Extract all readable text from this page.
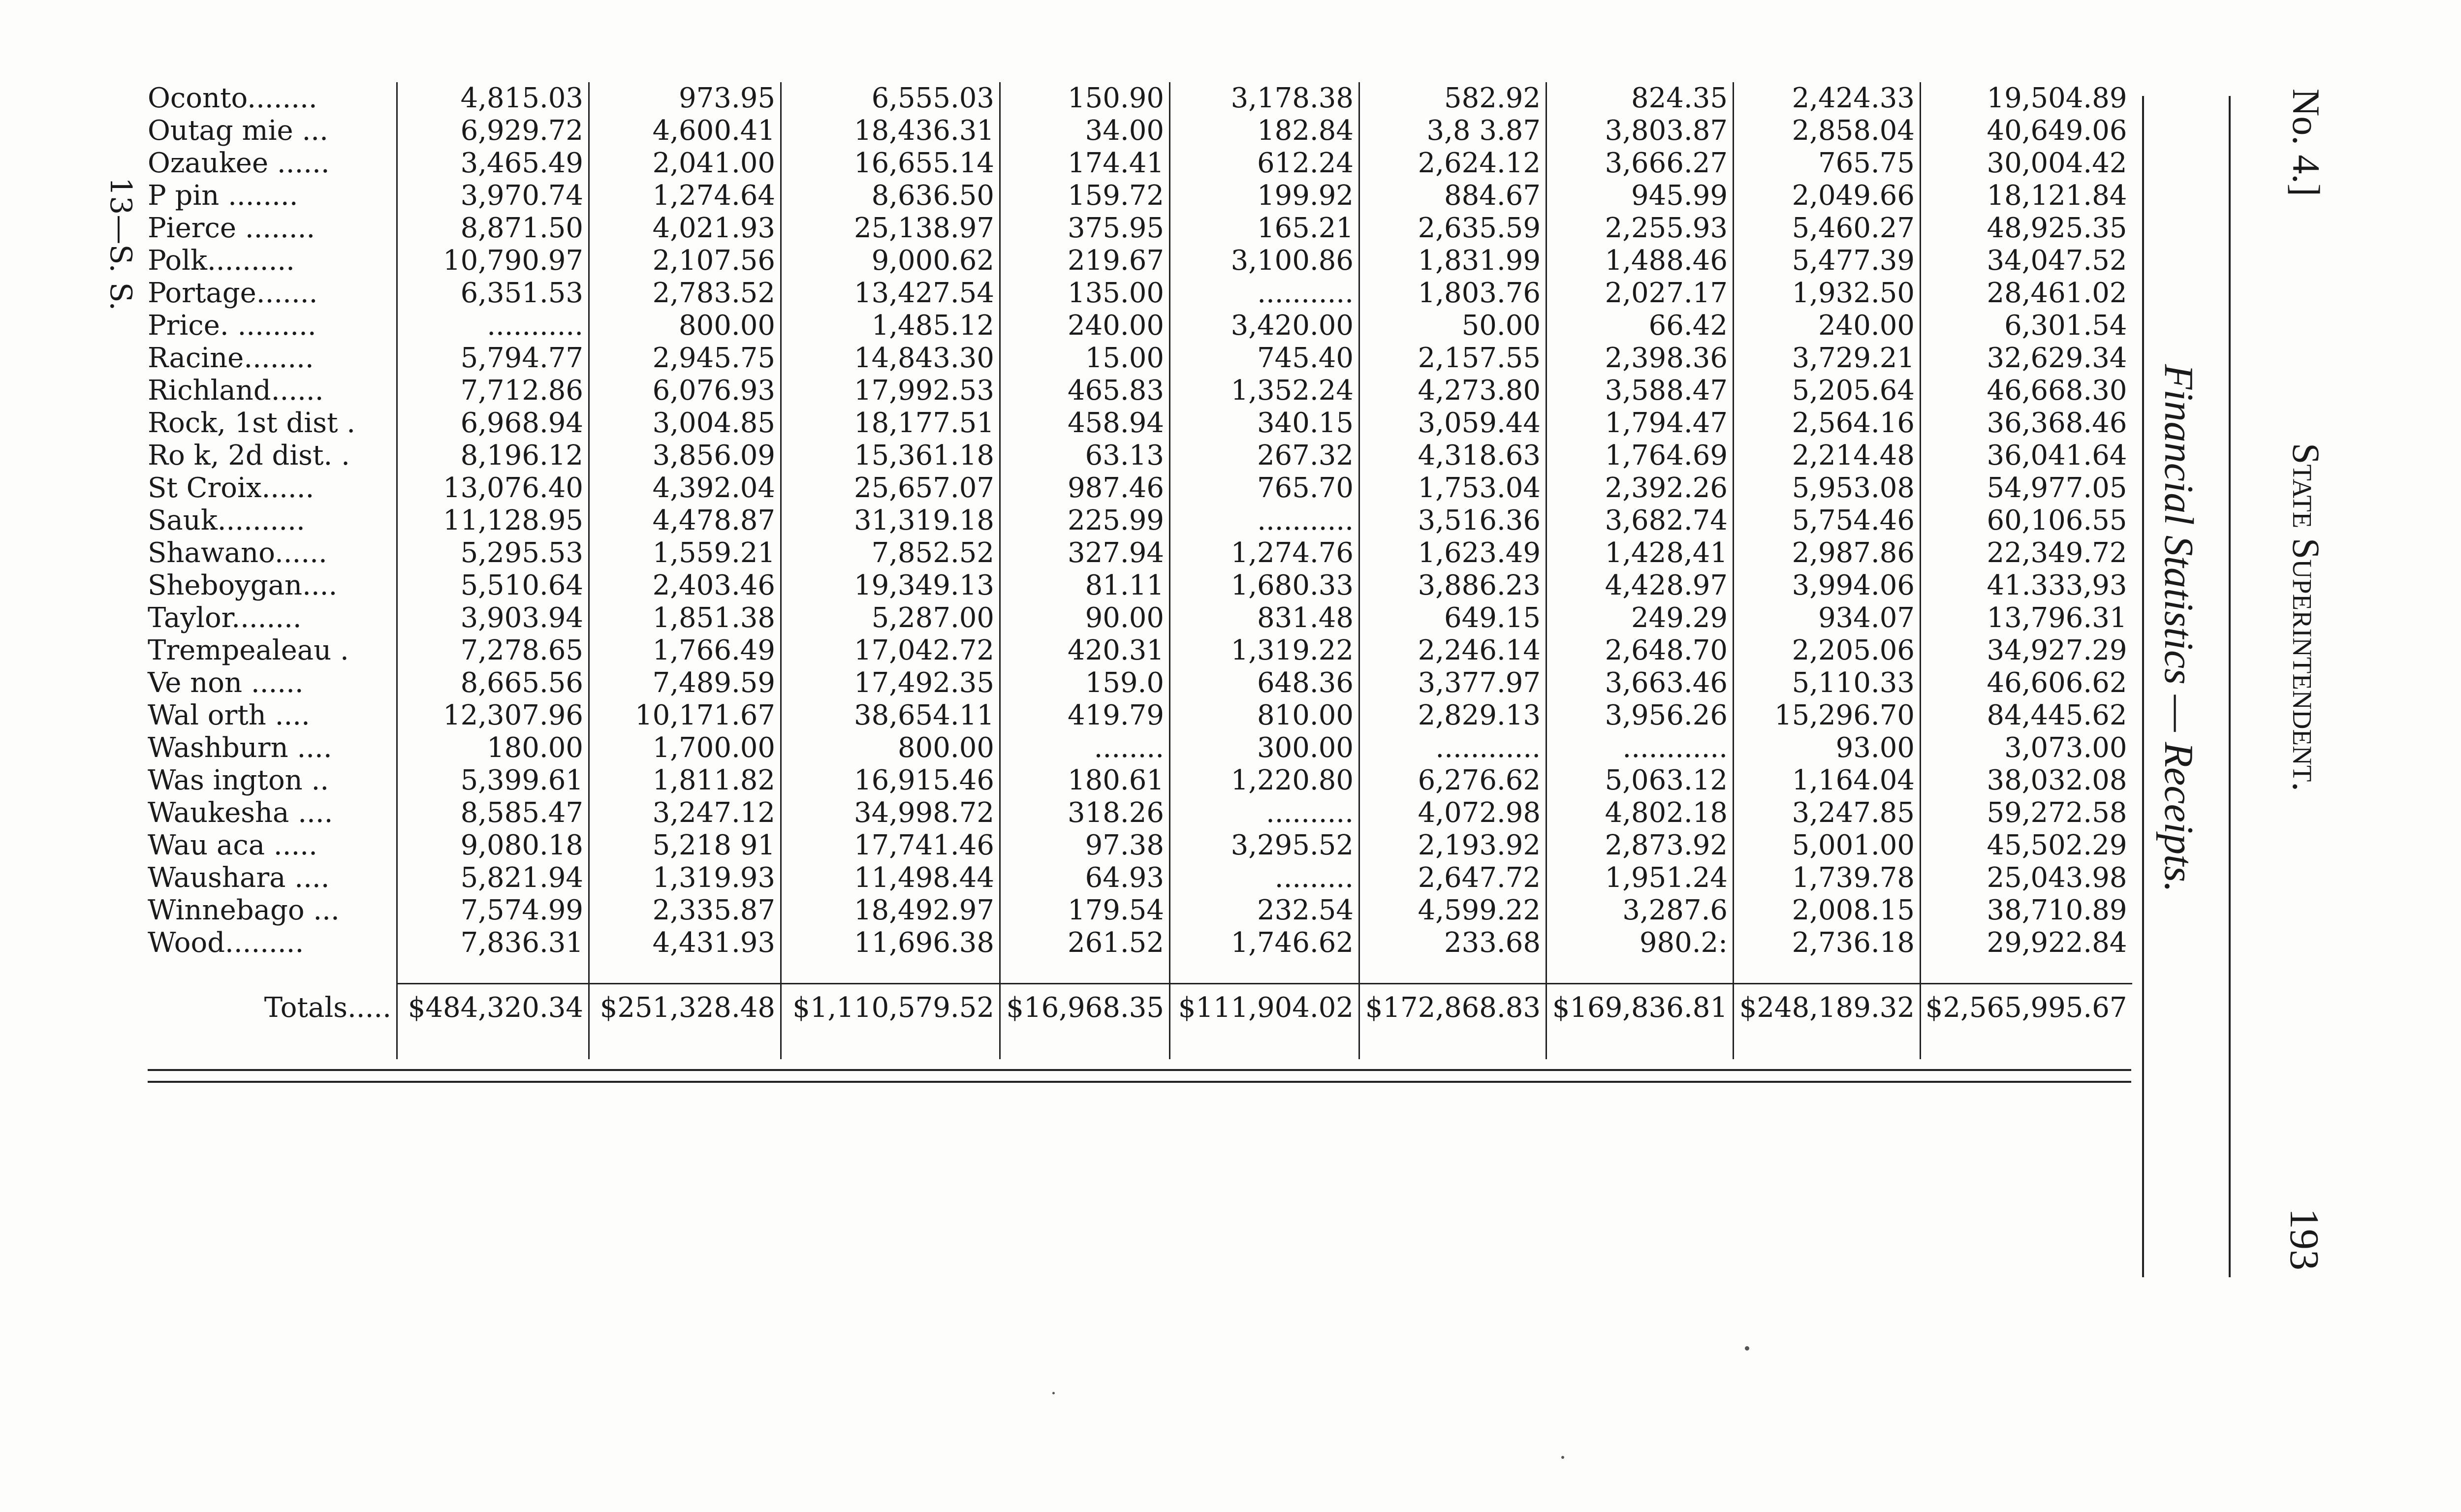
Oconto........	4,815.03	973.95	6,555.03	150.90	3,178.38	582.92	824.35	2,424.33	19,504.89
Outag mie ...	6,929.72	4,600.41	18,436.31	34.00	182.84	3,8 3.87	3,803.87	2,858.04	40,649.06
Ozaukee ......	3,465.49	2,041.00	16,655.14	174.41	612.24	2,624.12	3,666.27	765.75	30,004.42
P pin ........	3,970.74	1,274.64	8,636.50	159.72	199.92	884.67	945.99	2,049.66	18,121.84
Pierce ........	8,871.50	4,021.93	25,138.97	375.95	165.21	2,635.59	2,255.93	5,460.27	48,925.35
Polk..........	10,790.97	2,107.56	9,000.62	219.67	3,100.86	1,831.99	1,488.46	5,477.39	34,047.52
Portage.......	6,351.53	2,783.52	13,427.54	135.00	...........	1,803.76	2,027.17	1,932.50	28,461.02
Price. .........	...........	800.00	1,485.12	240.00	3,420.00	50.00	66.42	240.00	6,301.54
Racine........	5,794.77	2,945.75	14,843.30	15.00	745.40	2,157.55	2,398.36	3,729.21	32,629.34
Richland......	7,712.86	6,076.93	17,992.53	465.83	1,352.24	4,273.80	3,588.47	5,205.64	46,668.30
Rock, 1st dist .	6,968.94	3,004.85	18,177.51	458.94	340.15	3,059.44	1,794.47	2,564.16	36,368.46
Ro k, 2d dist. .	8,196.12	3,856.09	15,361.18	63.13	267.32	4,318.63	1,764.69	2,214.48	36,041.64
St Croix......	13,076.40	4,392.04	25,657.07	987.46	765.70	1,753.04	2,392.26	5,953.08	54,977.05
Sauk..........	11,128.95	4,478.87	31,319.18	225.99	...........	3,516.36	3,682.74	5,754.46	60,106.55
Shawano......	5,295.53	1,559.21	7,852.52	327.94	1,274.76	1,623.49	1,428,41	2,987.86	22,349.72
Sheboygan....	5,510.64	2,403.46	19,349.13	81.11	1,680.33	3,886.23	4,428.97	3,994.06	41.333,93
Taylor........	3,903.94	1,851.38	5,287.00	90.00	831.48	649.15	249.29	934.07	13,796.31
Trempealeau .	7,278.65	1,766.49	17,042.72	420.31	1,319.22	2,246.14	2,648.70	2,205.06	34,927.29
Ve non ......	8,665.56	7,489.59	17,492.35	159.0	648.36	3,377.97	3,663.46	5,110.33	46,606.62
Wal orth ....	12,307.96	10,171.67	38,654.11	419.79	810.00	2,829.13	3,956.26	15,296.70	84,445.62
Washburn ....	180.00	1,700.00	800.00	........	300.00	............	............	93.00	3,073.00
Was ington ..	5,399.61	1,811.82	16,915.46	180.61	1,220.80	6,276.62	5,063.12	1,164.04	38,032.08
Waukesha ....	8,585.47	3,247.12	34,998.72	318.26	..........	4,072.98	4,802.18	3,247.85	59,272.58
Wau aca .....	9,080.18	5,218 91	17,741.46	97.38	3,295.52	2,193.92	2,873.92	5,001.00	45,502.29
Waushara ....	5,821.94	1,319.93	11,498.44	64.93	.........	2,647.72	1,951.24	1,739.78	25,043.98
Winnebago ...	7,574.99	2,335.87	18,492.97	179.54	232.54	4,599.22	3,287.6	2,008.15	38,710.89
Wood.........	7,836.31	4,431.93	11,696.38	261.52	1,746.62	233.68	980.2:	2,736.18	29,922.84

Totals.....	$484,320.34	$251,328.48	$1,110,579.52	$16,968.35	$111,904.02	$172,868.83	$169,836.81	$248,189.32	$2,565,995.67

13—S. S.
Financial Statistics — Receipts.
No. 4.]
State Superintendent.
193
